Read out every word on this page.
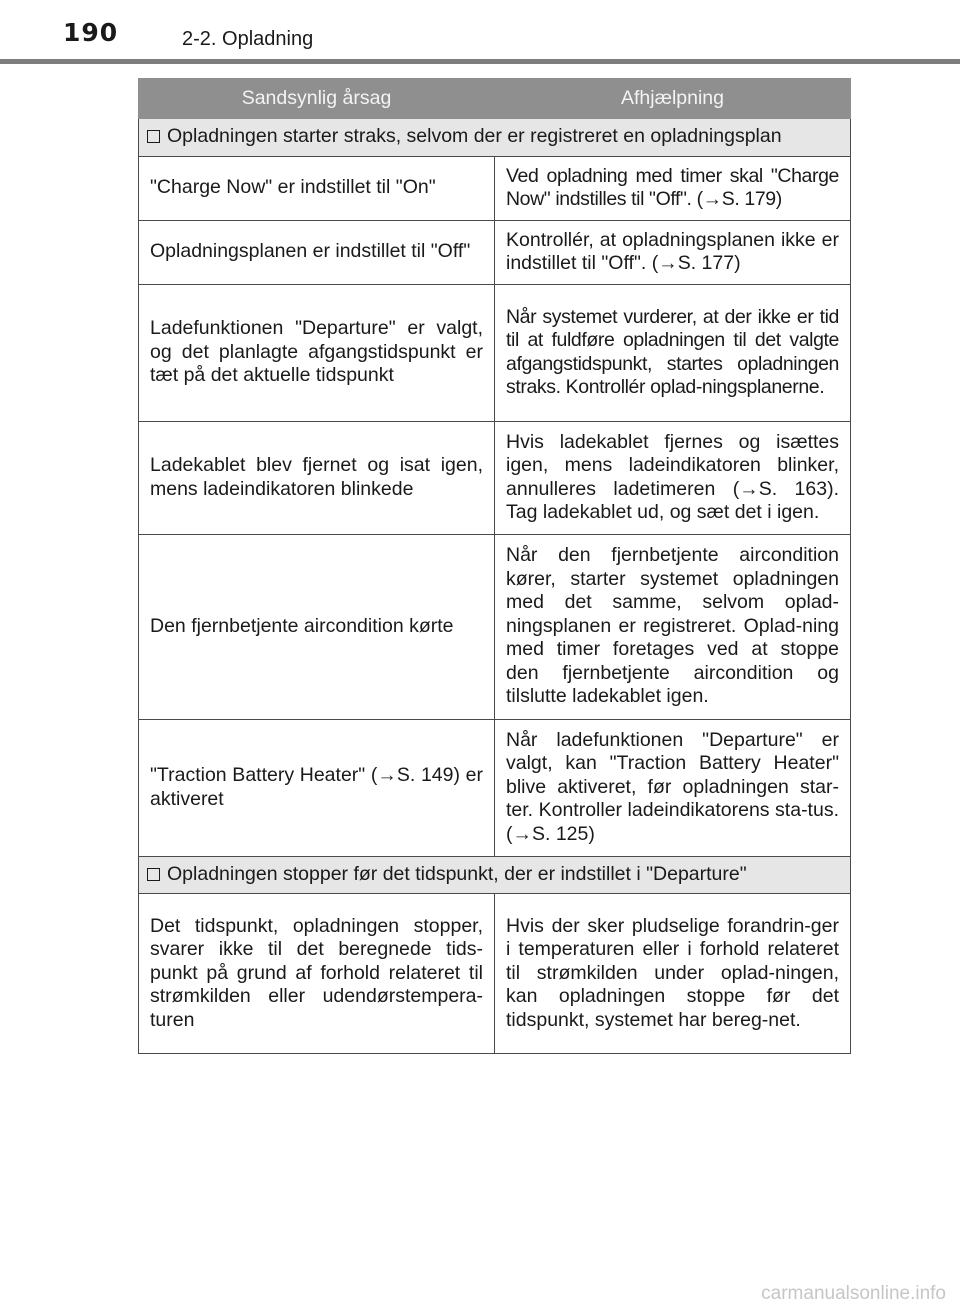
190	2-2. Opladning
Sandsynlig årsag	Afhjælpning
Opladningen starter straks, selvom der er registreret en opladningsplan	
"Charge Now" er indstillet til "On"	Ved opladning med timer skal "Charge Now" indstilles til "Off". (→S. 179)
Opladningsplanen er indstillet til "Off"	Kontrollér, at opladningsplanen ikke er indstillet til "Off". (→S. 177)
Ladefunktionen "Departure" er valgt, og det planlagte afgangstidspunkt er tæt på det aktuelle tidspunkt	Når systemet vurderer, at der ikke er tid til at fuldføre opladningen til det valgte afgangstidspunkt, startes opladningen straks. Kontrollér oplad-ningsplanerne.
Ladekablet blev fjernet og isat igen, mens ladeindikatoren blinkede	Hvis ladekablet fjernes og isættes igen, mens ladeindikatoren blinker, annulleres ladetimeren (→S. 163). Tag ladekablet ud, og sæt det i igen.
Den fjernbetjente aircondition kørte	Når den fjernbetjente aircondition kører, starter systemet opladningen med det samme, selvom oplad-ningsplanen er registreret. Oplad-ning med timer foretages ved at stoppe den fjernbetjente aircondition og tilslutte ladekablet igen.
"Traction Battery Heater" (→S. 149) er aktiveret	Når ladefunktionen "Departure" er valgt, kan "Traction Battery Heater" blive aktiveret, før opladningen star-ter. Kontroller ladeindikatorens sta-tus. (→S. 125)
Opladningen stopper før det tidspunkt, der er indstillet i "Departure"	
Det tidspunkt, opladningen stopper, svarer ikke til det beregnede tids-punkt på grund af forhold relateret til strømkilden eller udendørstempera-turen	Hvis der sker pludselige forandrin-ger i temperaturen eller i forhold relateret til strømkilden under oplad-ningen, kan opladningen stoppe før det tidspunkt, systemet har bereg-net.
carmanualsonline.info
